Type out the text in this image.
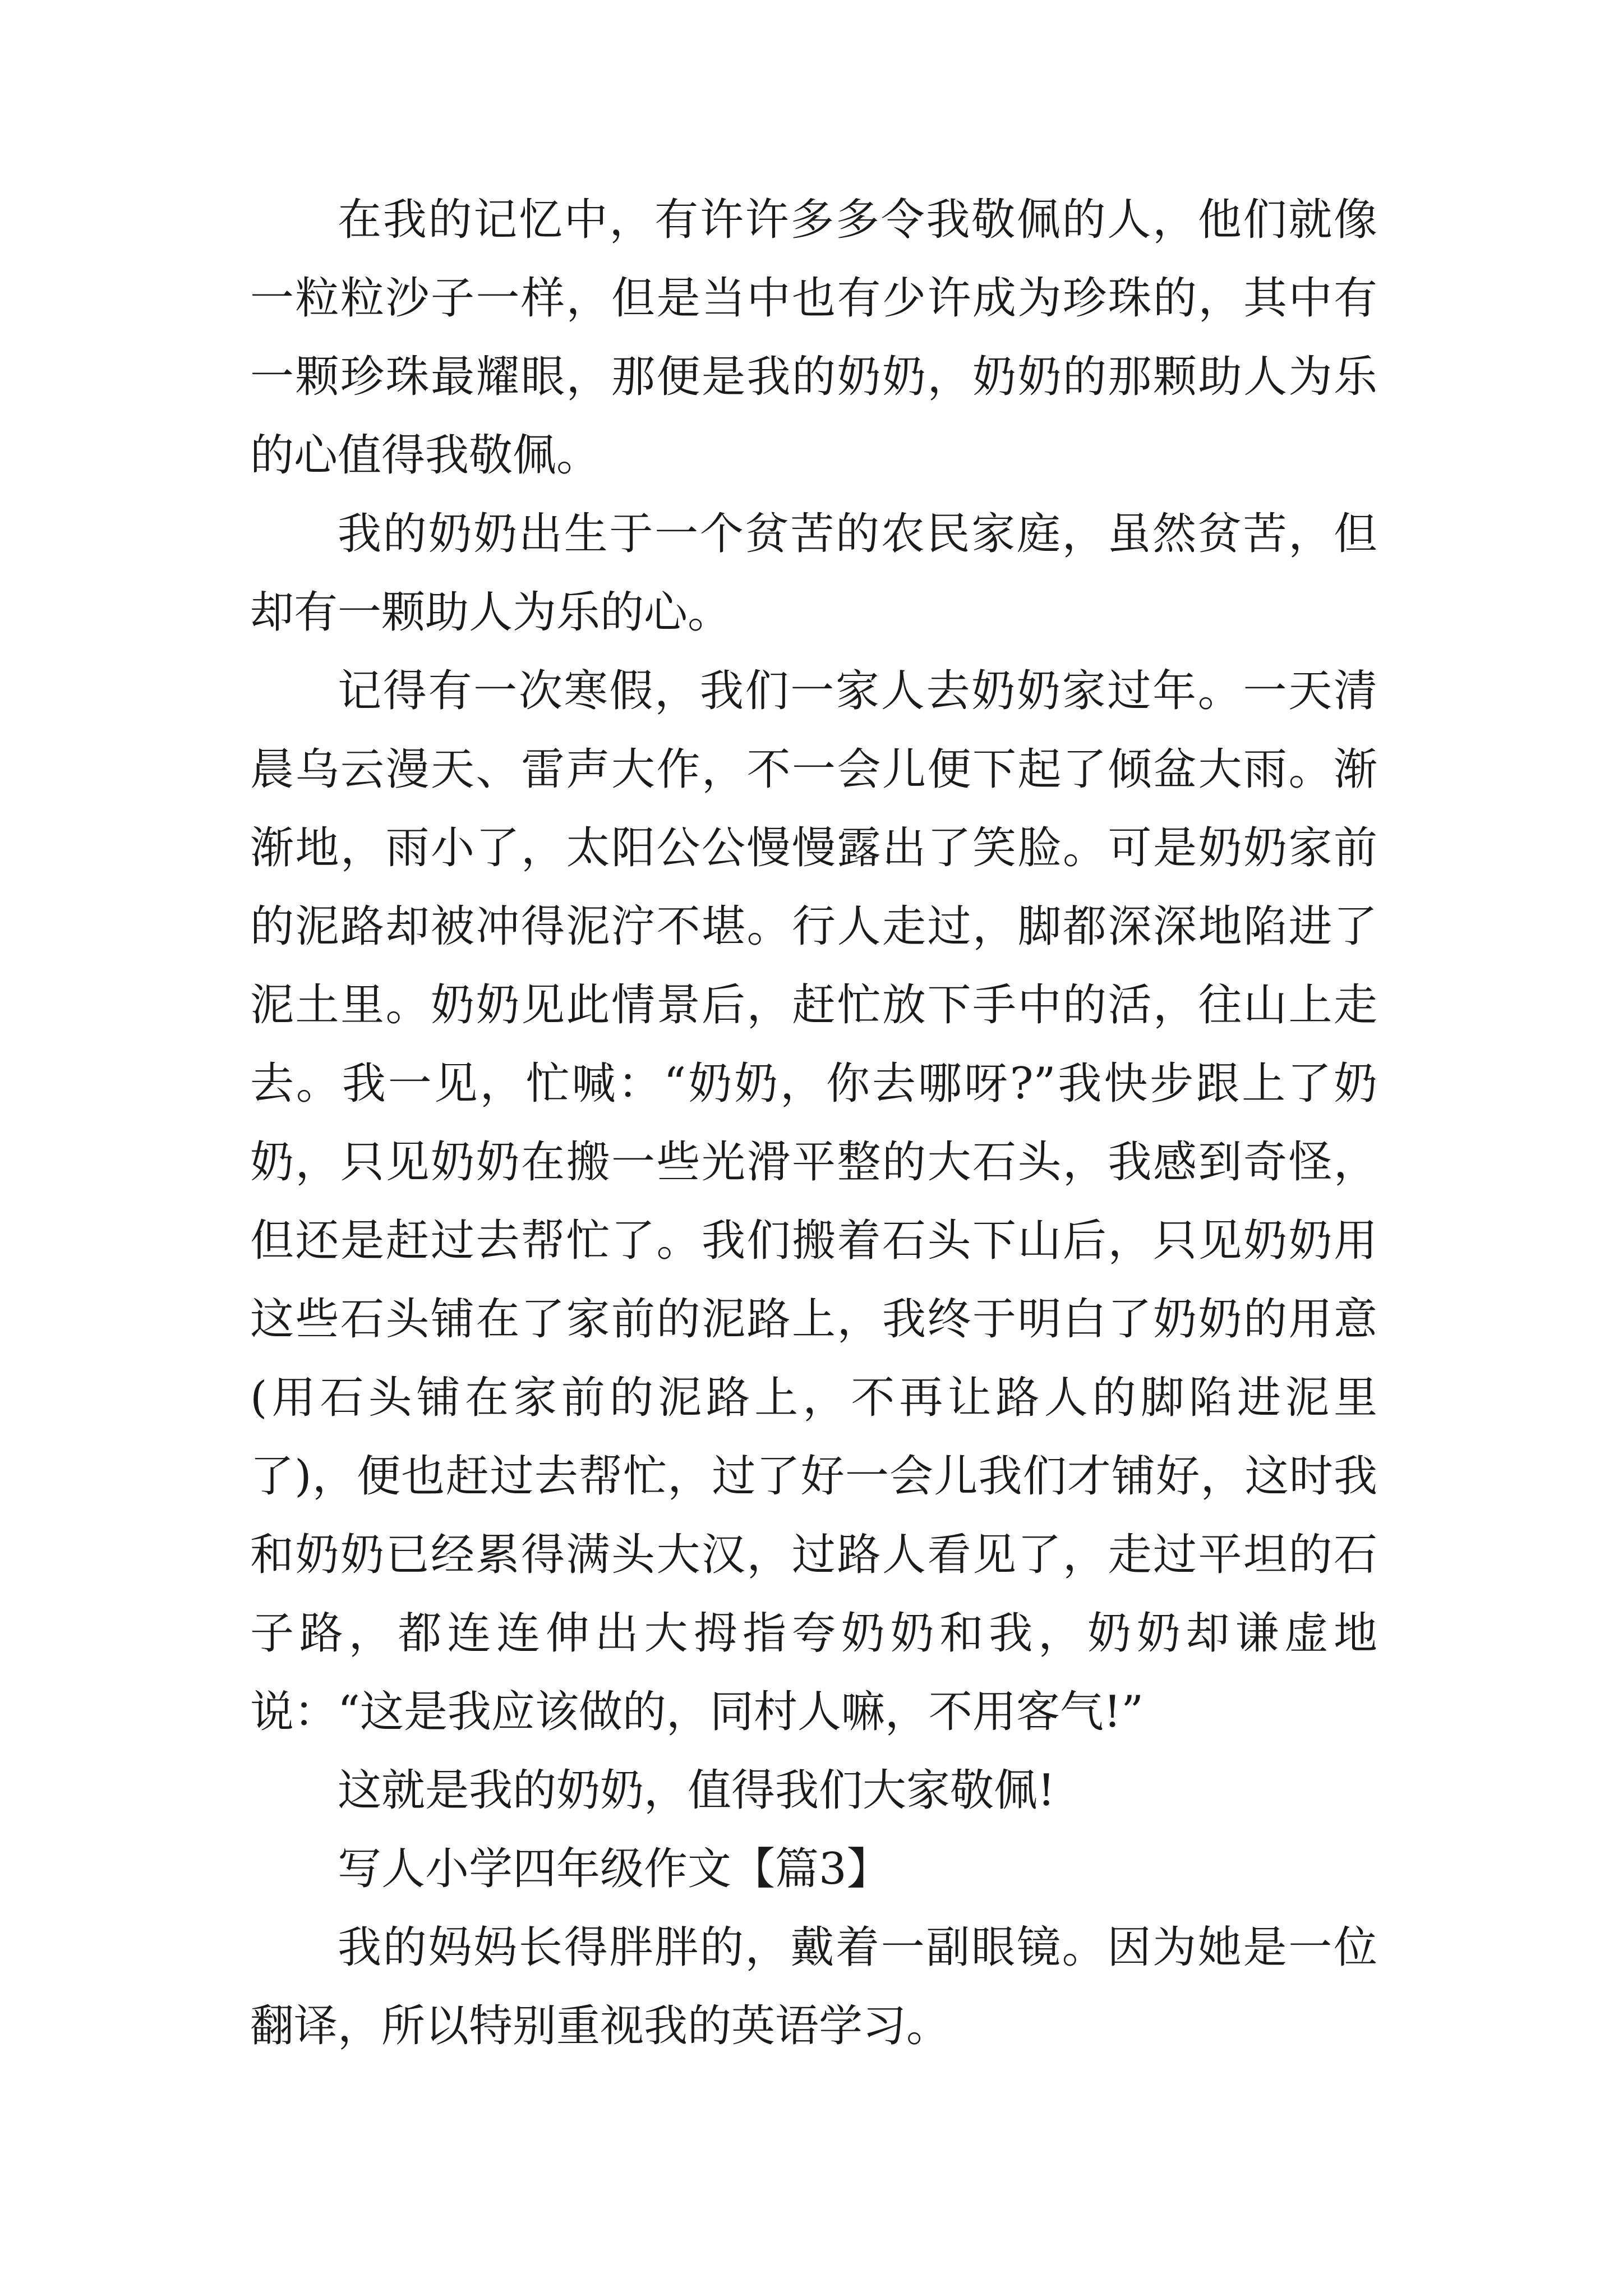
在我的记忆中，有许许多多令我敬佩的人，他们就像一粒粒沙子一样，但是当中也有少许成为珍珠的，其中有一颗珍珠最耀眼，那便是我的奶奶，奶奶的那颗助人为乐的心值得我敬佩。

我的奶奶出生于一个贫苦的农民家庭，虽然贫苦，但却有一颗助人为乐的心。

记得有一次寒假，我们一家人去奶奶家过年。一天清晨乌云漫天、雷声大作，不一会儿便下起了倾盆大雨。渐渐地，雨小了，太阳公公慢慢露出了笑脸。可是奶奶家前的泥路却被冲得泥泞不堪。行人走过，脚都深深地陷进了泥土里。奶奶见此情景后，赶忙放下手中的活，往山上走去。我一见，忙喊：“奶奶，你去哪呀?”我快步跟上了奶奶，只见奶奶在搬一些光滑平整的大石头，我感到奇怪，但还是赶过去帮忙了。我们搬着石头下山后，只见奶奶用这些石头铺在了家前的泥路上，我终于明白了奶奶的用意(用石头铺在家前的泥路上，不再让路人的脚陷进泥里了)，便也赶过去帮忙，过了好一会儿我们才铺好，这时我和奶奶已经累得满头大汉，过路人看见了，走过平坦的石子路，都连连伸出大拇指夸奶奶和我，奶奶却谦虚地说：“这是我应该做的，同村人嘛，不用客气!”

这就是我的奶奶，值得我们大家敬佩!

写人小学四年级作文【篇3】

我的妈妈长得胖胖的，戴着一副眼镜。因为她是一位翻译，所以特别重视我的英语学习。
